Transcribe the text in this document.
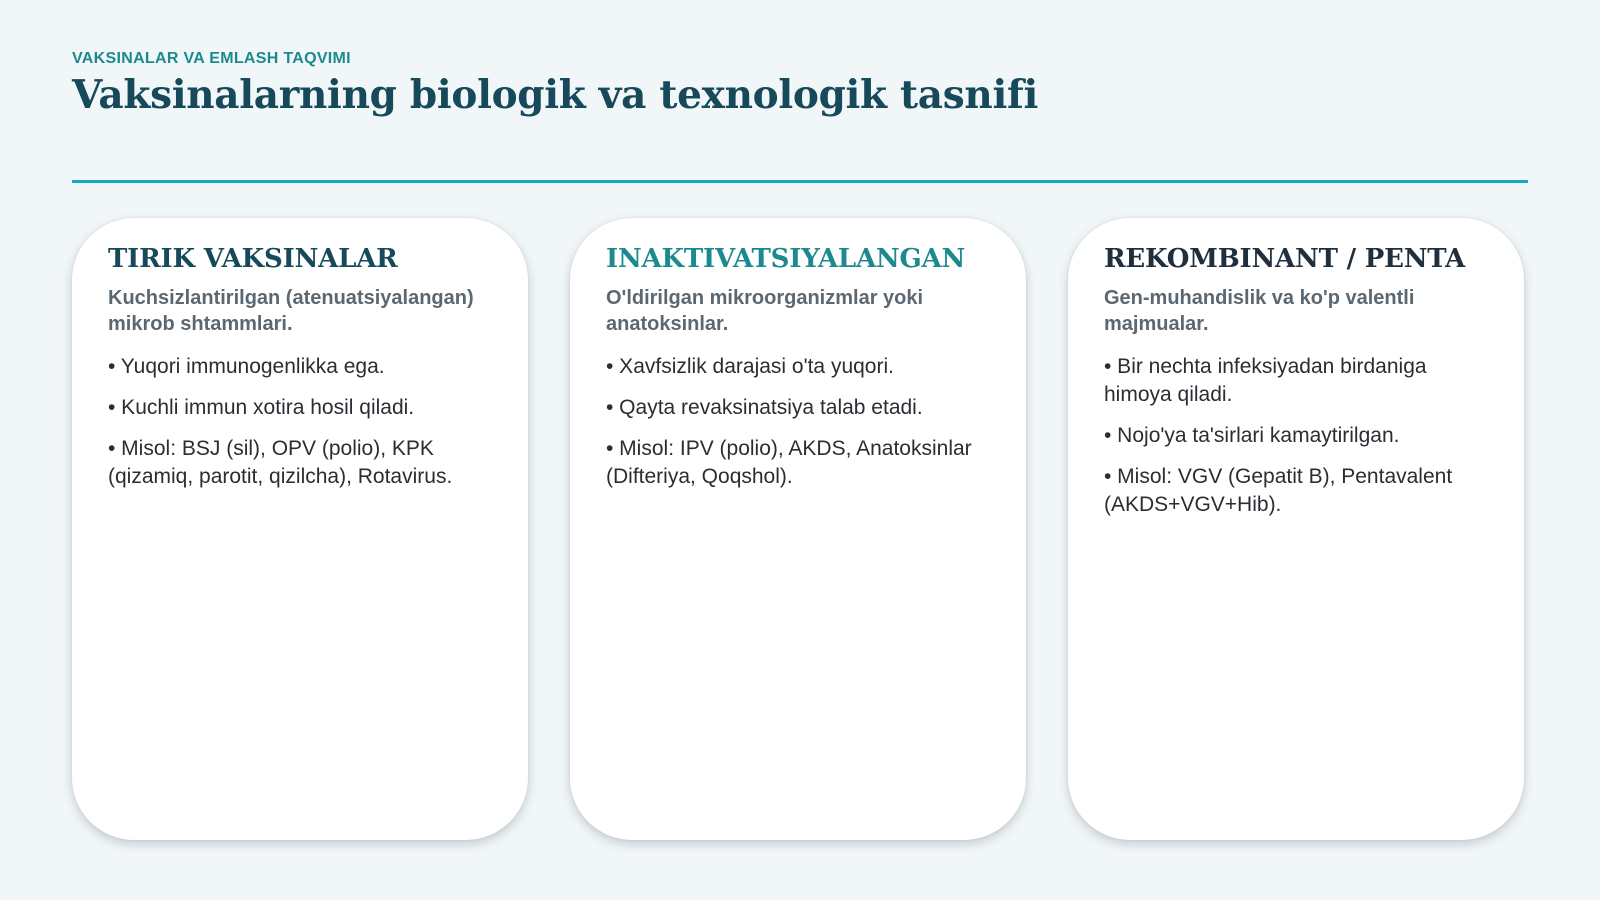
VAKSINALAR VA EMLASH TAQVIMI
Vaksinalarning biologik va texnologik tasnifi
TIRIK VAKSINALAR

Kuchsizlantirilgan (atenuatsiyalangan) mikrob shtammlari.

• Yuqori immunogenlikka ega.
• Kuchli immun xotira hosil qiladi.
• Misol: BSJ (sil), OPV (polio), KPK (qizamiq, parotit, qizilcha), Rotavirus.
INAKTIVATSIYALANGAN

O'ldirilgan mikroorganizmlar yoki anatoksinlar.

• Xavfsizlik darajasi o'ta yuqori.
• Qayta revaksinatsiya talab etadi.
• Misol: IPV (polio), AKDS, Anatoksinlar (Difteriya, Qoqshol).
REKOMBINANT / PENTA

Gen-muhandislik va ko'p valentli majmualar.

• Bir nechta infeksiyadan birdaniga himoya qiladi.
• Nojo'ya ta'sirlari kamaytirilgan.
• Misol: VGV (Gepatit B), Pentavalent (AKDS+VGV+Hib).
